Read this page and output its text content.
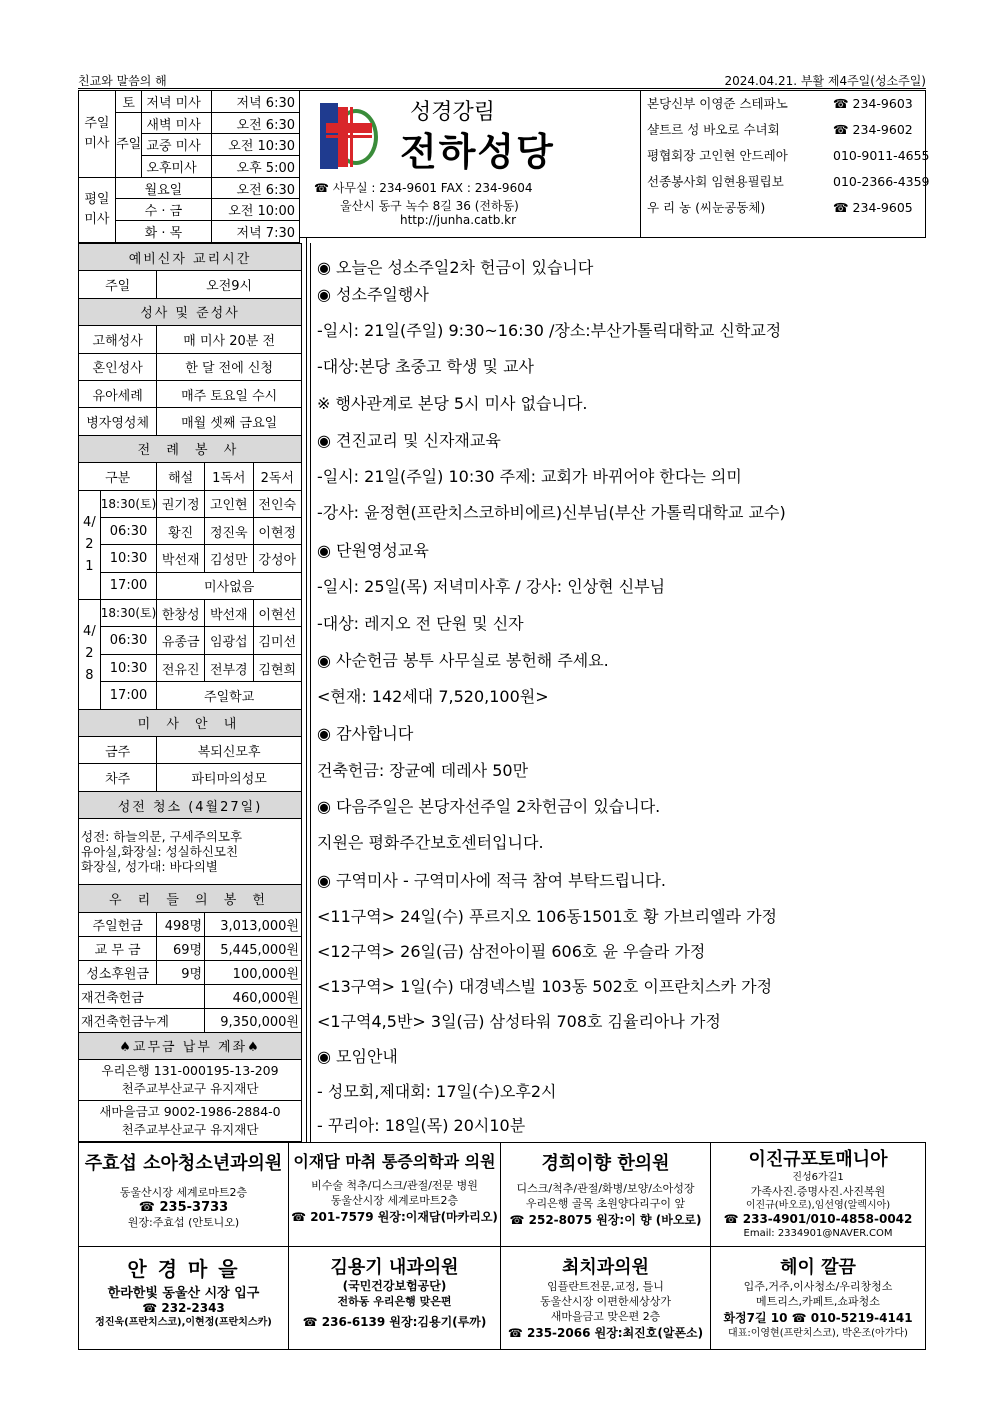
친교와 말씀의 해	2024.04.21. 부활 제4주일(성소주일)
주일미사	토	저녁 미사	저녁 6:30
	주일	새벽 미사	오전 6:30
		교중 미사	오전 10:30
		오후미사	오후 5:00
평일미사	월요일		오전 6:30
	수 · 금		오전 10:00
	화 · 목		저녁 7:30
성경강림
전하성당
☎ 사무실 : 234-9601 FAX : 234-9604
울산시 동구 녹수 8길 36 (전하동)
http://junha.catb.kr
본당신부 이영준 스테파노	☎ 234-9603
샬트르 성 바오로 수녀회	☎ 234-9602
평협회장 고인현 안드레아	010-9011-4655
선종봉사회 임현용필립보	010-2366-4359
우 리 농 (씨눈공동체)	☎ 234-9605
예비신자 교리시간				
주일		오전9시		
성사 및 준성사				
고해성사		매 미사 20분 전		
혼인성사		한 달 전에 신청		
유아세례		매주 토요일 수시		
병자영성체		매월 셋째 금요일		
전 례 봉 사				
구분		해설	1독서	2독서
4/21	18:30(토)	권기정	고인현	전인숙
	06:30	황진	정진욱	이현정
	10:30	박선재	김성만	강성아
	17:00	미사없음		
4/28	18:30(토)	한창성	박선재	이현선
	06:30	유종금	임광섭	김미선
	10:30	전유진	전부경	김현희
	17:00	주일학교		
미 사 안 내				
금주		복되신모후		
차주		파티마의성모		
성전 청소 (4월27일)				

성전: 하늘의문, 구세주의모후
유아실,화장실: 성실하신모친
화장실, 성가대: 바다의별				

우 리 들 의 봉 헌				
주일헌금		498명	3,013,000원	
교 무 금		69명	5,445,000원	
성소후원금		9명	100,000원	
재건축헌금			460,000원	
재건축헌금누계			9,350,000원	
♠교무금 납부 계좌♠				

우리은행 131-000195-13-209
천주교부산교구 유지재단				

새마을금고 9002-1986-2884-0
천주교부산교구 유지재단				
◉ 오늘은 성소주일2차 헌금이 있습니다
◉ 성소주일행사
-일시: 21일(주일) 9:30~16:30 /장소:부산가톨릭대학교 신학교정
-대상:본당 초중고 학생 및 교사
※ 행사관계로 본당 5시 미사 없습니다.
◉ 견진교리 및 신자재교육
-일시: 21일(주일) 10:30 주제: 교회가 바뀌어야 한다는 의미
-강사: 윤정현(프란치스코하비에르)신부님(부산 가톨릭대학교 교수)
◉ 단원영성교육
-일시: 25일(목) 저녁미사후 / 강사: 인상현 신부님
-대상: 레지오 전 단원 및 신자
◉ 사순헌금 봉투 사무실로 봉헌해 주세요.
<현재: 142세대 7,520,100원>
◉ 감사합니다
건축헌금: 장균예 데레사 50만
◉ 다음주일은 본당자선주일 2차헌금이 있습니다.
지원은 평화주간보호센터입니다.
◉ 구역미사 - 구역미사에 적극 참여 부탁드립니다.
<11구역> 24일(수) 푸르지오 106동1501호 황 가브리엘라 가정
<12구역> 26일(금) 삼전아이필 606호 윤 우슬라 가정
<13구역> 1일(수) 대경넥스빌 103동 502호 이프란치스카 가정
<1구역4,5반> 3일(금) 삼성타워 708호 김율리아나 가정
◉ 모임안내
- 성모회,제대회: 17일(수)오후2시
- 꾸리아: 18일(목) 20시10분
주효섭 소아청소년과의원
동울산시장 세계로마트2층
☎ 235-3733
원장:주효섭 (안토니오)
이재담 마취 통증의학과 의원
비수술 척추/디스크/관절/전문 병원
동울산시장 세계로마트2층
☎ 201-7579 원장:이재담(마카리오)
경희이향 한의원
디스크/척추/관절/화병/보양/소아성장
우리은행 골목 초원양다리구이 앞
☎ 252-8075 원장:이 향 (바오로)
이진규포토매니아
진성6가길1
가족사진.증명사진.사진복원
이진규(바오로),임선영(알렉시아)
☎ 233-4901/010-4858-0042
Email: 2334901@NAVER.COM
안 경 마 을
한라한빛 동울산 시장 입구
☎ 232-2343
정진욱(프란치스코),이현정(프란치스카)
김용기 내과의원
(국민건강보험공단)
전하동 우리은행 맞은편
☎ 236-6139 원장:김용기(루까)
최치과의원
임플란트전문,교정, 틀니
동울산시장 이편한세상상가
새마을금고 맞은편 2층
☎ 235-2066 원장:최진호(알폰소)
헤이 깔끔
입주,거주,이사청소/우리창청소
메트리스,카페트,쇼파청소
화정7길 10 ☎ 010-5219-4141
대표:이영현(프란치스코), 박온조(아가다)
